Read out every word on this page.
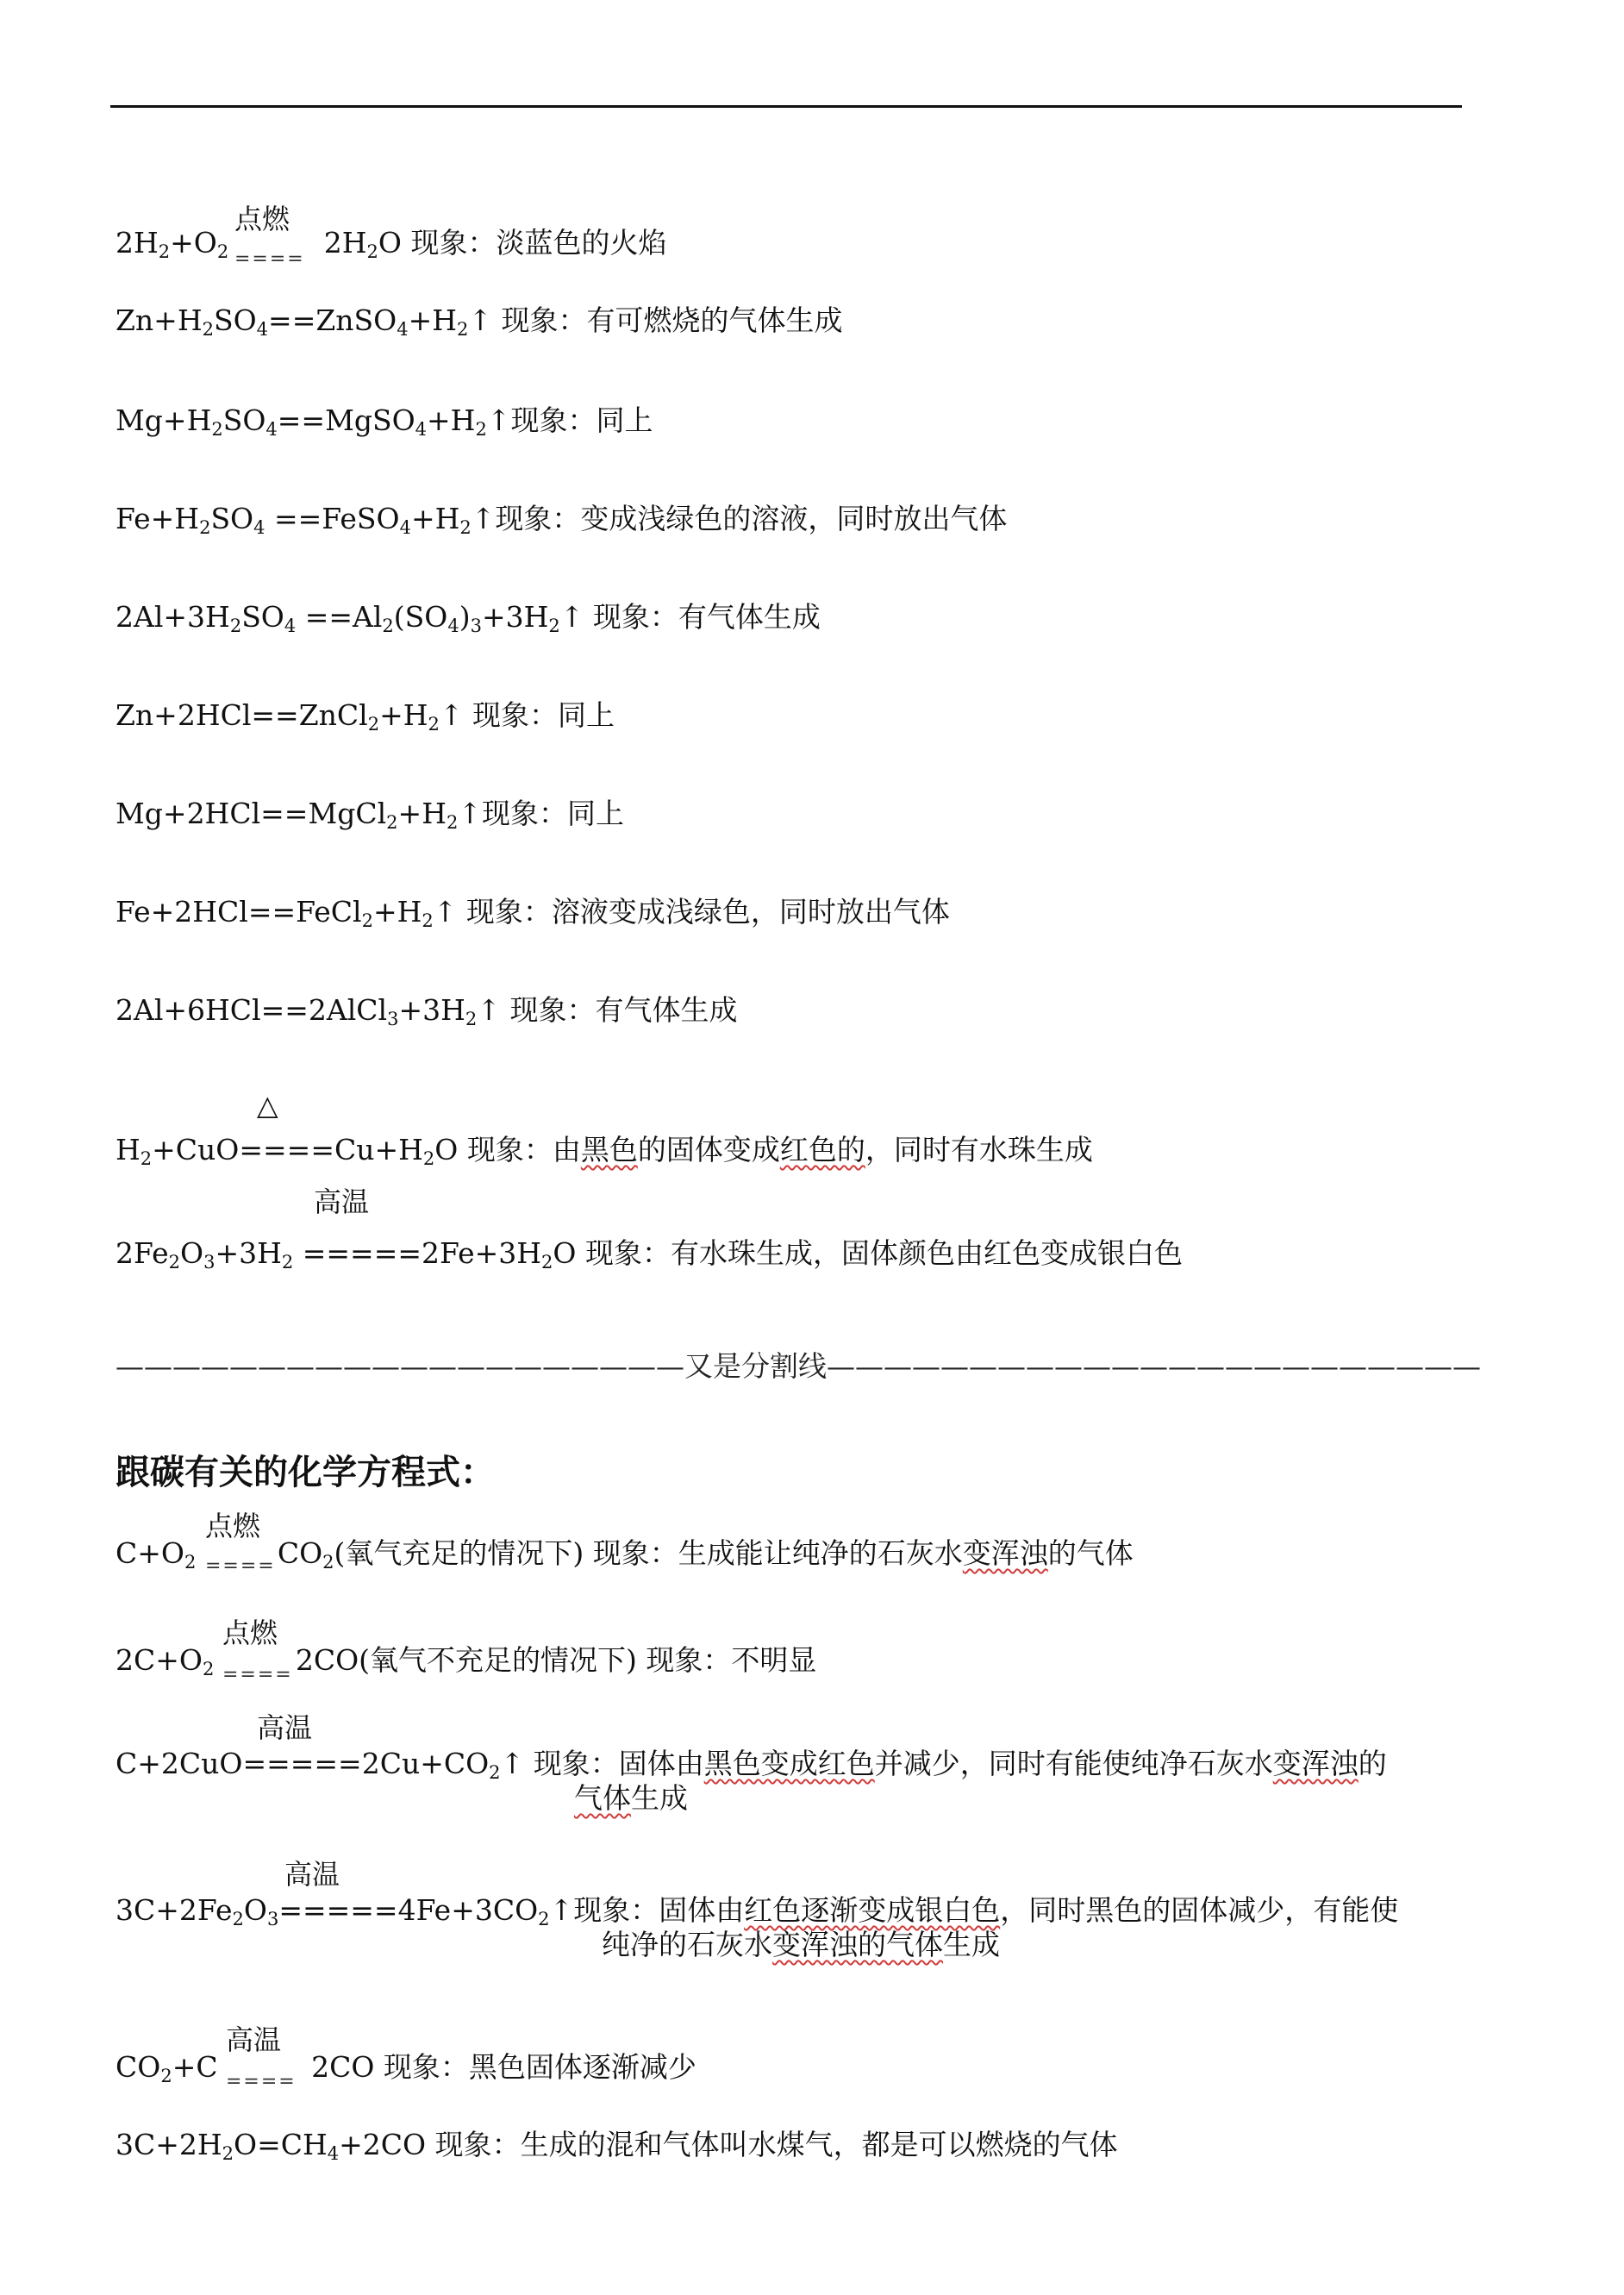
点燃
====
$2H_2+O_2$	$2H_2O$ 现象：淡蓝色的火焰
$Zn+H_2SO_4==ZnSO_4+H_2↑$ 现象：有可燃烧的气体生成
$Mg+H_2SO_4==MgSO_4+H_2↑$现象：同上
$Fe+H_2SO_4$ $==FeSO_4+H_2↑$现象：变成浅绿色的溶液，同时放出气体
$2Al+3H_2SO_4$ $==Al_2(SO_4)_3+3H_2↑$ 现象：有气体生成
$Zn+2HCl==ZnCl_2+H_2↑$ 现象：同上
$Mg+2HCl==MgCl_2+H_2↑$现象：同上
$Fe+2HCl==FeCl_2+H_2↑$ 现象：溶液变成浅绿色，同时放出气体
$2Al+6HCl==2AlCl_3+3H_2↑$ 现象：有气体生成
△
$H_2+CuO====Cu+H_2O$ 现象：由黑色的固体变成红色的，同时有水珠生成
高温
$2Fe_2O_3+3H_2 =====2Fe+3H_2O$ 现象：有水珠生成，固体颜色由红色变成银白色
————————————————————又是分割线———————————————————————
跟碳有关的化学方程式：
点燃
====
$C+O_2$	$CO_2$(氧气充足的情况下) 现象：生成能让纯净的石灰水变浑浊的气体
点燃
====
$2C+O_2$	2CO(氧气不充足的情况下) 现象：不明显
高温
$C+2CuO=====2Cu+CO_2↑$ 现象：固体由黑色变成红色并减少，同时有能使纯净石灰水变浑浊的
气体生成
高温
$3C+2Fe_2O_3=====4Fe+3CO_2↑$现象：固体由红色逐渐变成银白色，同时黑色的固体减少，有能使
纯净的石灰水变浑浊的气体生成
高温
====
$CO_2+C$	2CO 现象：黑色固体逐渐减少
$3C+2H_2O=CH_4+2CO$ 现象：生成的混和气体叫水煤气，都是可以燃烧的气体
